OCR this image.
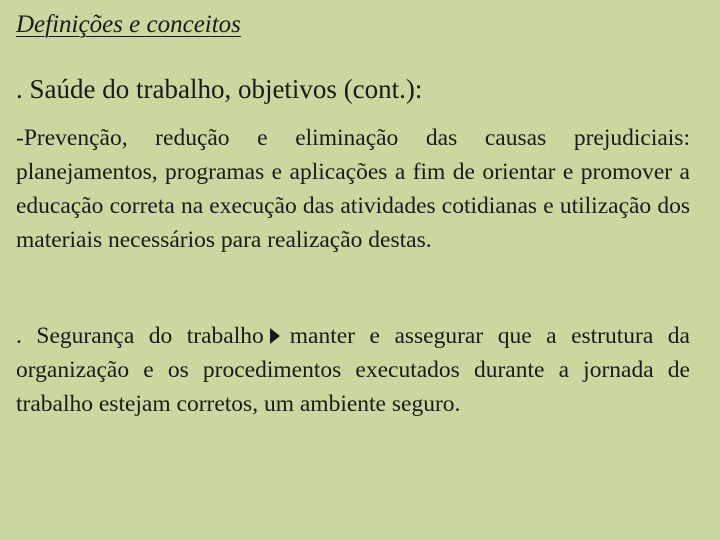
Definições e conceitos
. Saúde do trabalho, objetivos (cont.):
-Prevenção, redução e eliminação das causas prejudiciais: planejamentos, programas e aplicações a fim de orientar e promover a educação correta na execução das atividades cotidianas e utilização dos materiais necessários para realização destas.
. Segurança do trabalho manter e assegurar que a estrutura da organização e os procedimentos executados durante a jornada de trabalho estejam corretos, um ambiente seguro.
